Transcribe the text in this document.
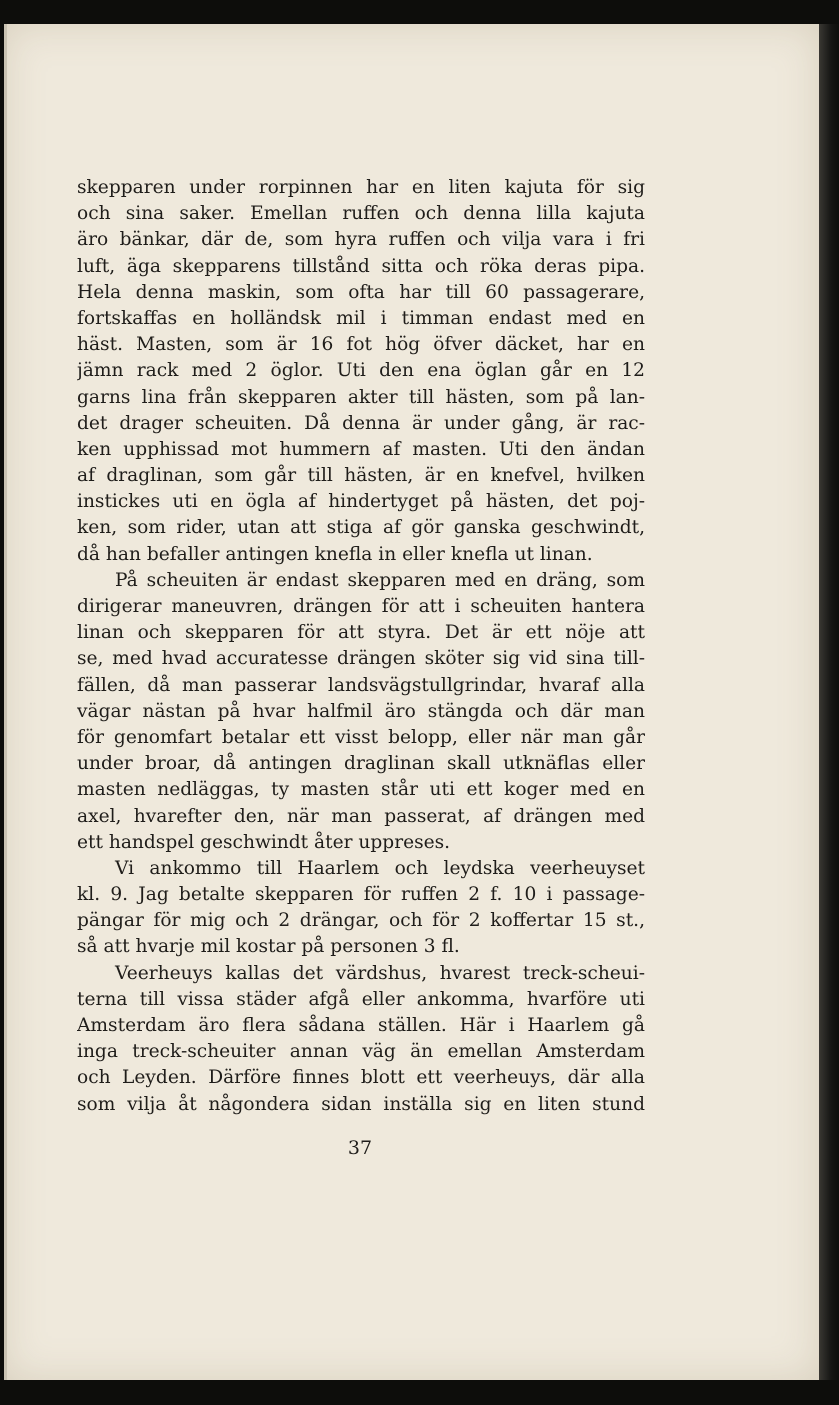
skepparen under rorpinnen har en liten kajuta för sig
och sina saker. Emellan ruffen och denna lilla kajuta
äro bänkar, där de, som hyra ruffen och vilja vara i fri
luft, äga skepparens tillstånd sitta och röka deras pipa.
Hela denna maskin, som ofta har till 60 passagerare,
fortskaffas en holländsk mil i timman endast med en
häst. Masten, som är 16 fot hög öfver däcket, har en
jämn rack med 2 öglor. Uti den ena öglan går en 12
garns lina från skepparen akter till hästen, som på lan-
det drager scheuiten. Då denna är under gång, är rac-
ken upphissad mot hummern af masten. Uti den ändan
af draglinan, som går till hästen, är en knefvel, hvilken
instickes uti en ögla af hindertyget på hästen, det poj-
ken, som rider, utan att stiga af gör ganska geschwindt,
då han befaller antingen knefla in eller knefla ut linan.
På scheuiten är endast skepparen med en dräng, som
dirigerar maneuvren, drängen för att i scheuiten hantera
linan och skepparen för att styra. Det är ett nöje att
se, med hvad accuratesse drängen sköter sig vid sina till-
fällen, då man passerar landsvägstullgrindar, hvaraf alla
vägar nästan på hvar halfmil äro stängda och där man
för genomfart betalar ett visst belopp, eller när man går
under broar, då antingen draglinan skall utknäflas eller
masten nedläggas, ty masten står uti ett koger med en
axel, hvarefter den, när man passerat, af drängen med
ett handspel geschwindt åter uppreses.
Vi ankommo till Haarlem och leydska veerheuyset
kl. 9. Jag betalte skepparen för ruffen 2 f. 10 i passage-
pängar för mig och 2 drängar, och för 2 koffertar 15 st.,
så att hvarje mil kostar på personen 3 fl.
Veerheuys kallas det värdshus, hvarest treck-scheui-
terna till vissa städer afgå eller ankomma, hvarföre uti
Amsterdam äro flera sådana ställen. Här i Haarlem gå
inga treck-scheuiter annan väg än emellan Amsterdam
och Leyden. Därföre finnes blott ett veerheuys, där alla
som vilja åt någondera sidan inställa sig en liten stund
37
